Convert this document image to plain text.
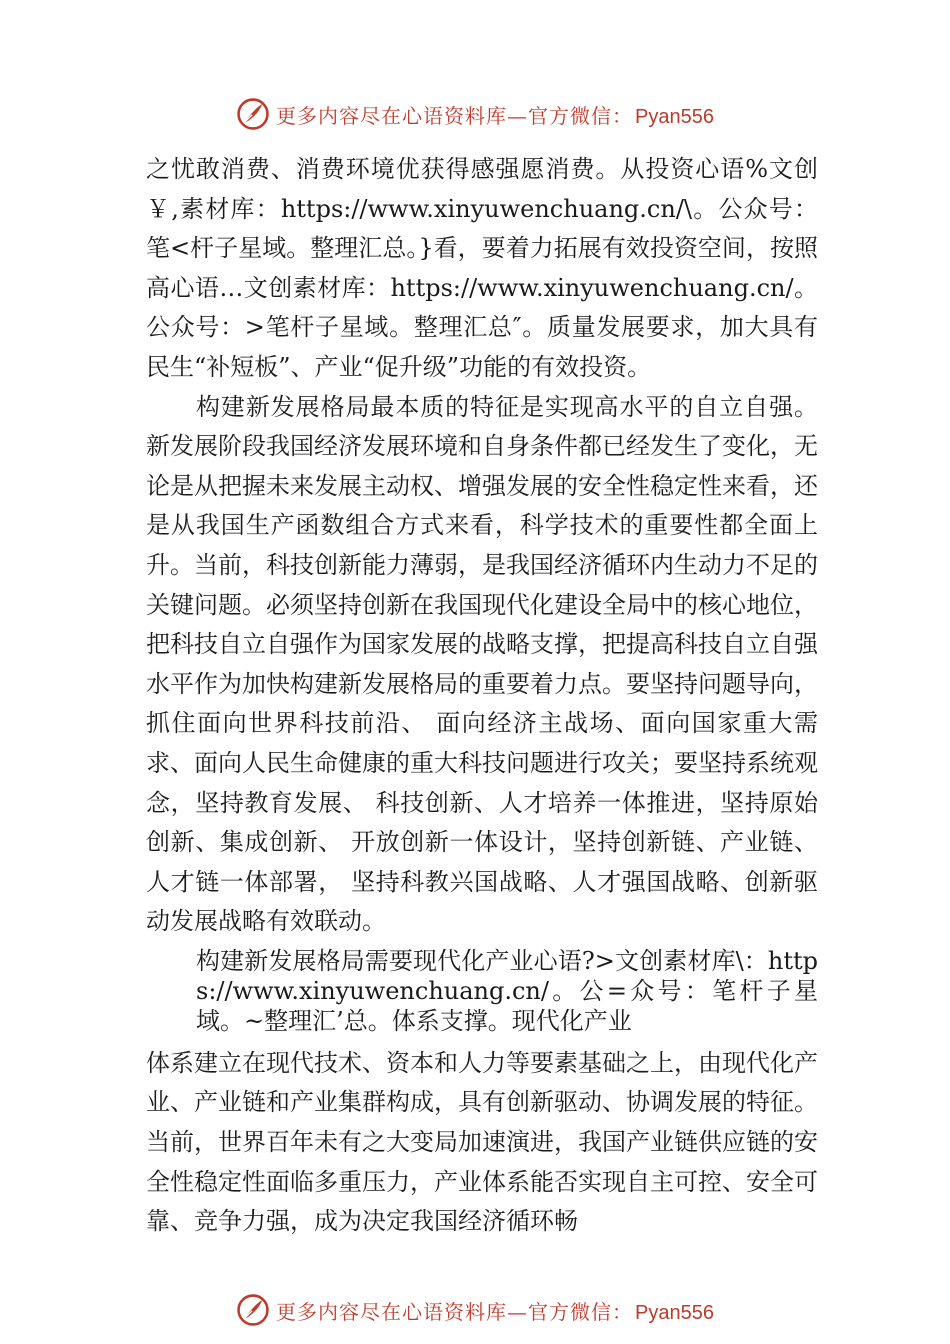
更多内容尽在心语资料库—官方微信： Pyan556

之忧敢消费、消费环境优获得感强愿消费。从投资心语%文创￥,素材库：https://www.xinyuwenchuang.cn/\。公众号：笔<杆子星域。整理汇总。}看，要着力拓展有效投资空间，按照高心语…文创素材库：https://www.xinyuwenchuang.cn/。公众号：>笔杆子星域。整理汇总″。质量发展要求，加大具有民生“补短板”、产业“促升级”功能的有效投资。

构建新发展格局最本质的特征是实现高水平的自立自强。新发展阶段我国经济发展环境和自身条件都已经发生了变化，无论是从把握未来发展主动权、增强发展的安全性稳定性来看，还是从我国生产函数组合方式来看，科学技术的重要性都全面上升。当前，科技创新能力薄弱，是我国经济循环内生动力不足的关键问题。必须坚持创新在我国现代化建设全局中的核心地位，把科技自立自强作为国家发展的战略支撑，把提高科技自立自强水平作为加快构建新发展格局的重要着力点。要坚持问题导向，抓住面向世界科技前沿、 面向经济主战场、面向国家重大需求、面向人民生命健康的重大科技问题进行攻关；要坚持系统观念，坚持教育发展、 科技创新、人才培养一体推进，坚持原始创新、集成创新、 开放创新一体设计，坚持创新链、产业链、人才链一体部署， 坚持科教兴国战略、人才强国战略、创新驱动发展战略有效联动。

构建新发展格局需要现代化产业心语?>文创素材库\：https://www.xinyuwenchuang.cn/。公=众号：笔杆子星域。~整理汇’总。体系支撑。现代化产业

体系建立在现代技术、资本和人力等要素基础之上，由现代化产业、产业链和产业集群构成，具有创新驱动、协调发展的特征。当前，世界百年未有之大变局加速演进，我国产业链供应链的安全性稳定性面临多重压力，产业体系能否实现自主可控、安全可靠、竞争力强，成为决定我国经济循环畅

更多内容尽在心语资料库—官方微信： Pyan556
